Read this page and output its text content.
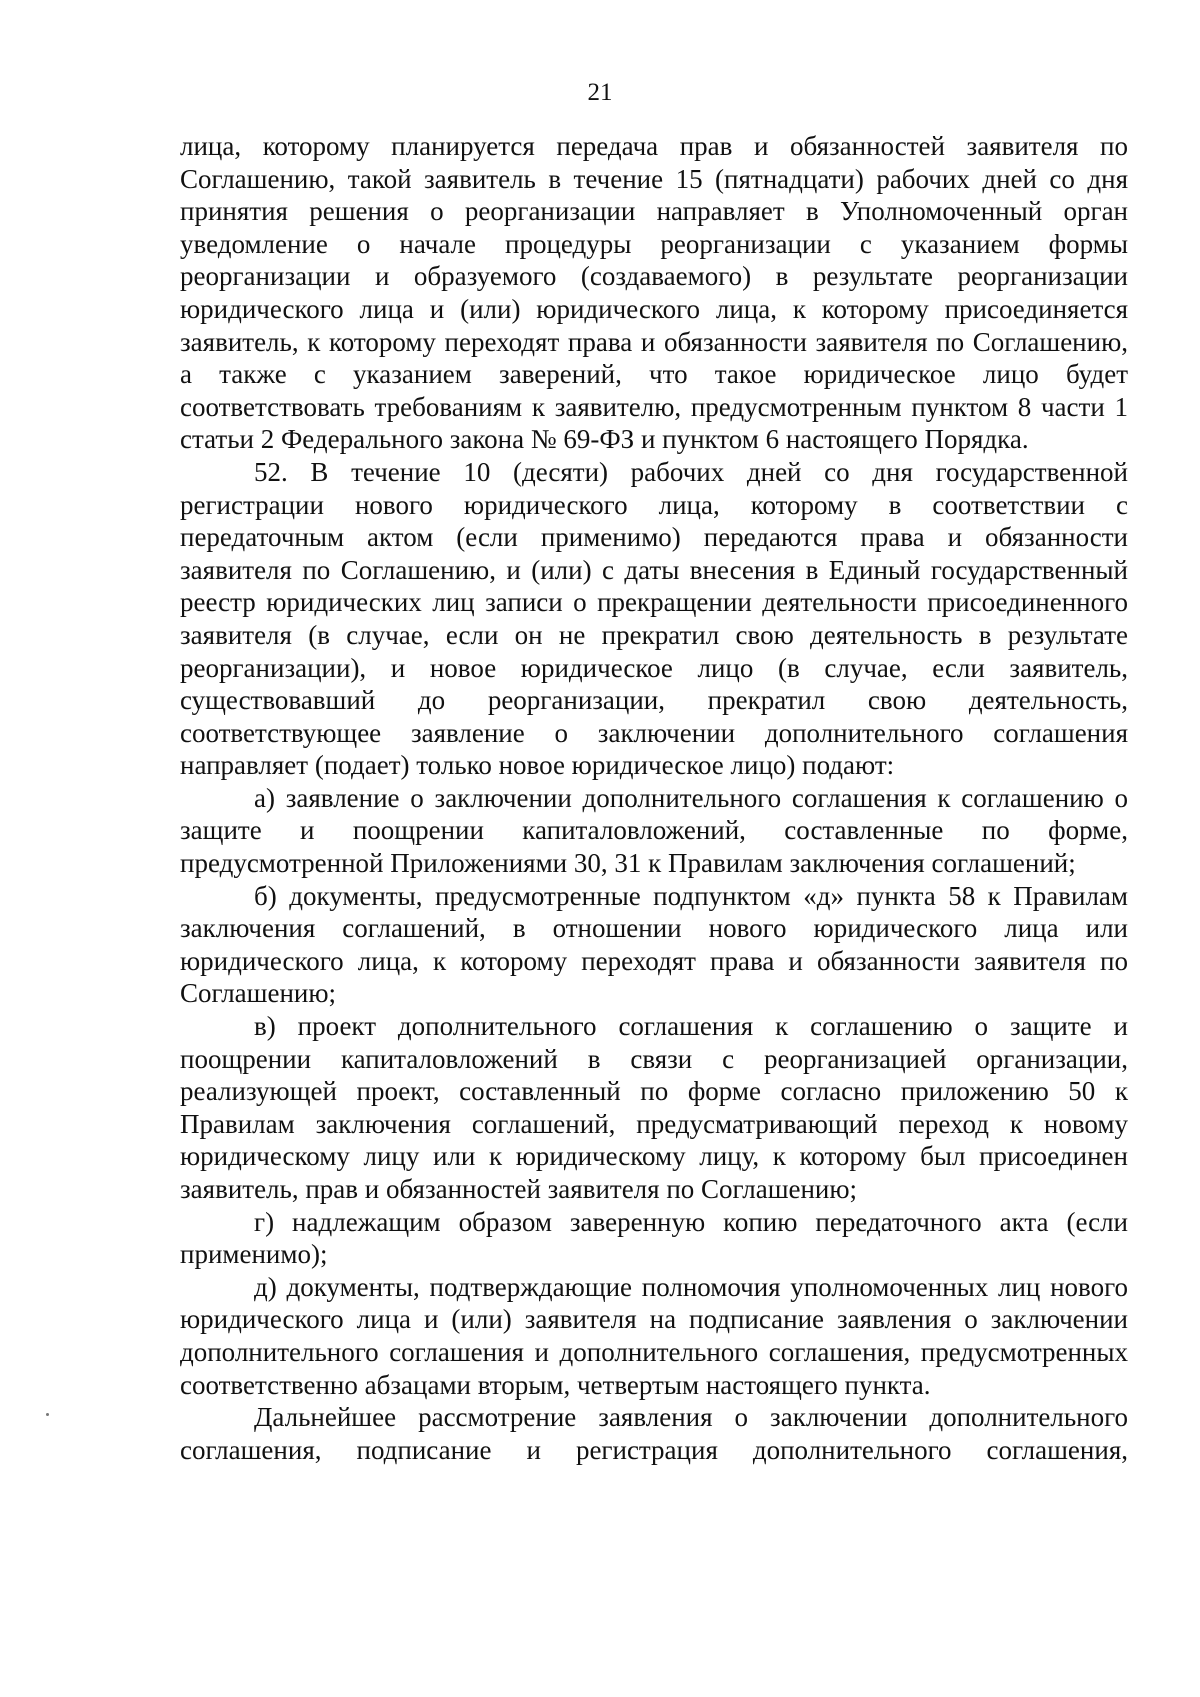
21

лица, которому планируется передача прав и обязанностей заявителя по Соглашению, такой заявитель в течение 15 (пятнадцати) рабочих дней со дня принятия решения о реорганизации направляет в Уполномоченный орган уведомление о начале процедуры реорганизации с указанием формы реорганизации и образуемого (создаваемого) в результате реорганизации юридического лица и (или) юридического лица, к которому присоединяется заявитель, к которому переходят права и обязанности заявителя по Соглашению, а также с указанием заверений, что такое юридическое лицо будет соответствовать требованиям к заявителю, предусмотренным пунктом 8 части 1 статьи 2 Федерального закона № 69-ФЗ и пунктом 6 настоящего Порядка.

52. В течение 10 (десяти) рабочих дней со дня государственной регистрации нового юридического лица, которому в соответствии с передаточным актом (если применимо) передаются права и обязанности заявителя по Соглашению, и (или) с даты внесения в Единый государственный реестр юридических лиц записи о прекращении деятельности присоединенного заявителя (в случае, если он не прекратил свою деятельность в результате реорганизации), и новое юридическое лицо (в случае, если заявитель, существовавший до реорганизации, прекратил свою деятельность, соответствующее заявление о заключении дополнительного соглашения направляет (подает) только новое юридическое лицо) подают:

а) заявление о заключении дополнительного соглашения к соглашению о защите и поощрении капиталовложений, составленные по форме, предусмотренной Приложениями 30, 31 к Правилам заключения соглашений;

б) документы, предусмотренные подпунктом «д» пункта 58 к Правилам заключения соглашений, в отношении нового юридического лица или юридического лица, к которому переходят права и обязанности заявителя по Соглашению;

в) проект дополнительного соглашения к соглашению о защите и поощрении капиталовложений в связи с реорганизацией организации, реализующей проект, составленный по форме согласно приложению 50 к Правилам заключения соглашений, предусматривающий переход к новому юридическому лицу или к юридическому лицу, к которому был присоединен заявитель, прав и обязанностей заявителя по Соглашению;

г) надлежащим образом заверенную копию передаточного акта (если применимо);

д) документы, подтверждающие полномочия уполномоченных лиц нового юридического лица и (или) заявителя на подписание заявления о заключении дополнительного соглашения и дополнительного соглашения, предусмотренных соответственно абзацами вторым, четвертым настоящего пункта.

Дальнейшее рассмотрение заявления о заключении дополнительного соглашения, подписание и регистрация дополнительного соглашения,
